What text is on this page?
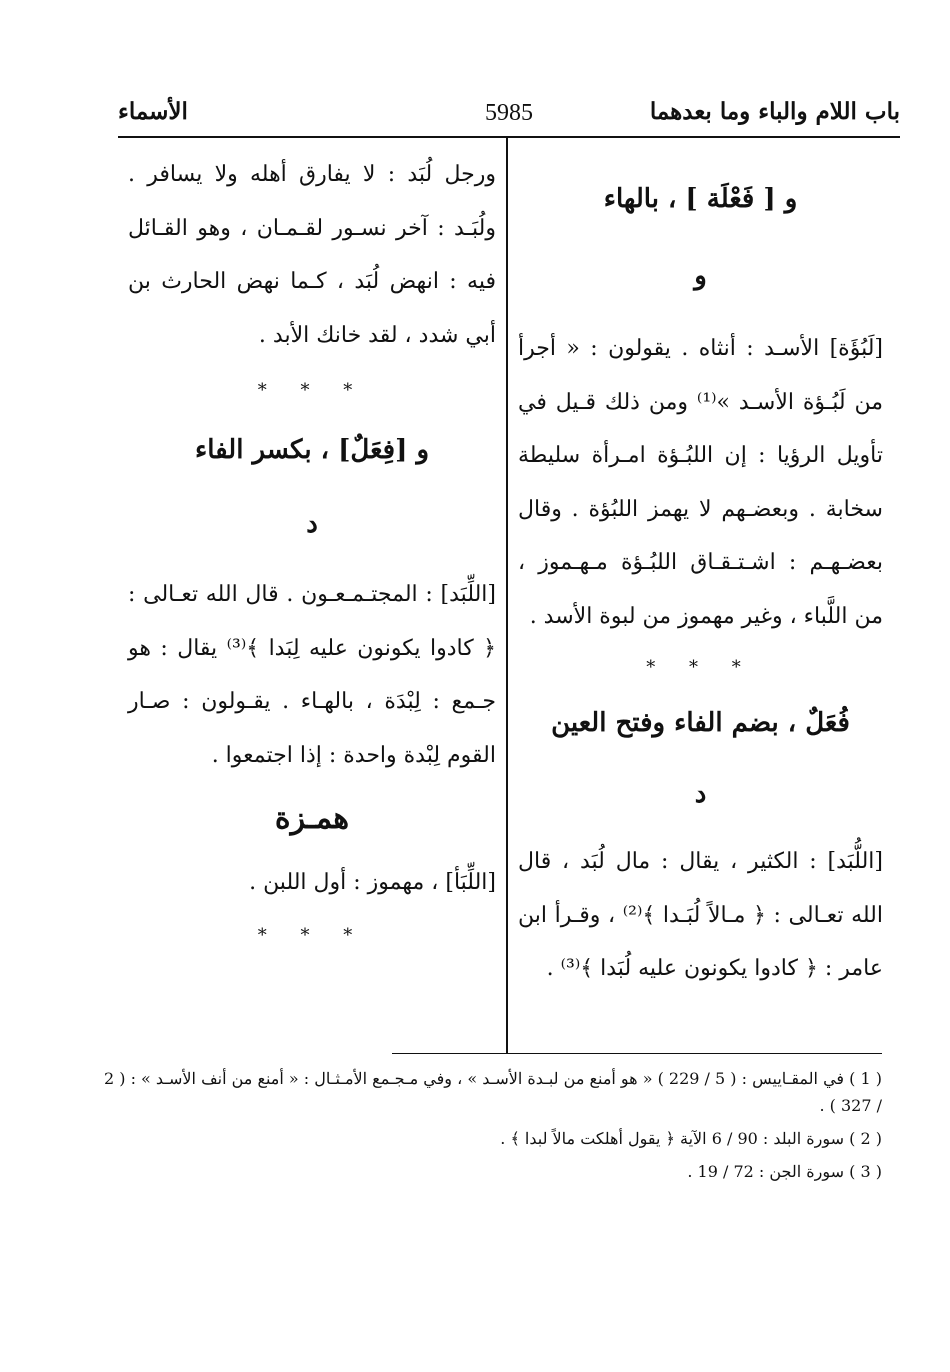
باب اللام والباء وما بعدهما
5985
الأسماء

و [ فَعْلَة ] ، بالهاء

و

[لَبُؤَة] الأسـد : أنثاه . يقولون : « أجرأ من لَبُـؤة الأسـد »⁽¹⁾ ومن ذلك قـيل في تأويل الرؤيا : إن اللبُـؤة امـرأة سليطة سخابة . وبعضـهم لا يهمز اللبُؤة . وقال بعضـهـم : اشـتـقـاق اللبُـؤة مـهـموز ، من اللَّباء ، وغير مهموز من لبوة الأسد .

* * *

فُعَلٌ ، بضم الفاء وفتح العين

د

[اللُّبَد] : الكثير ، يقال : مال لُبَد ، قال الله تعـالى : ﴿ مـالاً لُبَـدا ﴾⁽²⁾ ، وقـرأ ابن عامر : ﴿ كادوا يكونون عليه لُبَدا ﴾⁽³⁾ .

ورجل لُبَد : لا يفارق أهله ولا يسافر . ولُبَـد : آخر نسـور لقـمـان ، وهو القـائل فيه : انهض لُبَد ، كـما نهض الحارث بن أبي شدد ، لقد خانك الأبد .

* * *

و [فِعَلٌ] ، بكسر الفاء

د

[اللِّبَد] : المجتـمـعـون . قال الله تعـالى : ﴿ كادوا يكونون عليه لِبَدا ﴾⁽³⁾ يقال : هو جـمع : لِبْدَة ، بالهـاء . يقـولون : صـار القوم لِبْدة واحدة : إذا اجتمعوا .

همـزة

[اللِّبَأ] ، مهموز : أول اللبن .

* * *

( 1 ) في المقـاييس : ( 5 / 229 ) « هو أمنع من لبـدة الأسـد » ، وفي مـجـمع الأمـثـال : « أمنع من أنف الأسـد » : ( 2 / 327 ) .

( 2 ) سورة البلد : 90 / 6 الآية ﴿ يقول أهلكت مالاً لبدا ﴾ .

( 3 ) سورة الجن : 72 / 19 .
